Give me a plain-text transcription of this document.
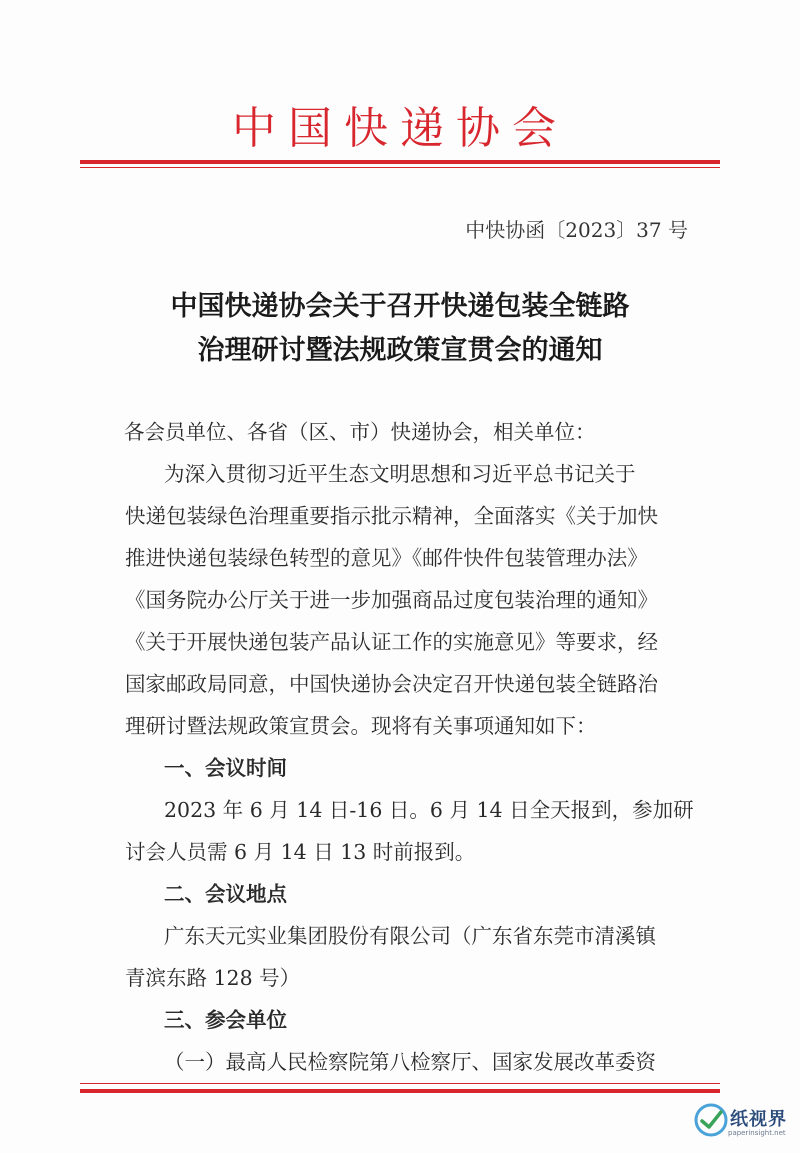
中国快递协会
中快协函〔2023〕37 号
中国快递协会关于召开快递包装全链路
治理研讨暨法规政策宣贯会的通知
各会员单位、各省（区、市）快递协会，相关单位：
为深入贯彻习近平生态文明思想和习近平总书记关于
快递包装绿色治理重要指示批示精神，全面落实《关于加快
推进快递包装绿色转型的意见》《邮件快件包装管理办法》
《国务院办公厅关于进一步加强商品过度包装治理的通知》
《关于开展快递包装产品认证工作的实施意见》等要求，经
国家邮政局同意，中国快递协会决定召开快递包装全链路治
理研讨暨法规政策宣贯会。现将有关事项通知如下：
一、会议时间
2023 年 6 月 14 日-16 日。6 月 14 日全天报到，参加研
讨会人员需 6 月 14 日 13 时前报到。
二、会议地点
广东天元实业集团股份有限公司（广东省东莞市清溪镇
青滨东路 128 号）
三、参会单位
（一）最高人民检察院第八检察厅、国家发展改革委资
纸视界
paperinsight.net
